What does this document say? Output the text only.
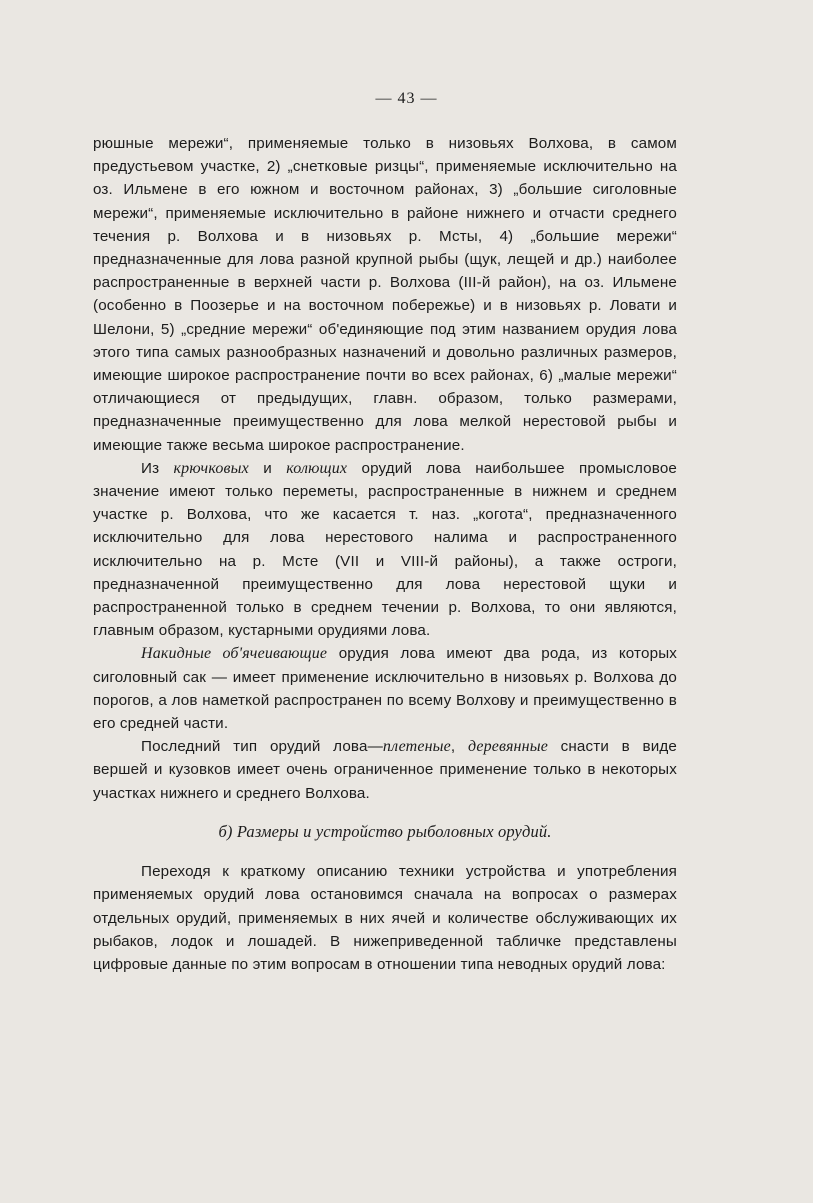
— 43 —

рюшные мережи“, применяемые только в низовьях Волхова, в самом предустьевом участке, 2) „снетковые ризцы“, применяемые исключительно на оз. Ильмене в его южном и восточном районах, 3) „большие сиголовные мережи“, применяемые исключительно в районе нижнего и отчасти среднего течения р. Волхова и в низовьях р. Мсты, 4) „большие мережи“ предназначенные для лова разной крупной рыбы (щук, лещей и др.) наиболее распространенные в верхней части р. Волхова (III-й район), на оз. Ильмене (особенно в Поозерье и на восточном побережье) и в низовьях р. Ловати и Шелони, 5) „средние мережи“ об'единяющие под этим названием орудия лова этого типа самых разнообразных назначений и довольно различных размеров, имеющие широкое распространение почти во всех районах, 6) „малые мережи“ отличающиеся от предыдущих, главн. образом, только размерами, предназначенные преимущественно для лова мелкой нерестовой рыбы и имеющие также весьма широкое распространение.

Из крючковых и колющих орудий лова наибольшее промысловое значение имеют только переметы, распространенные в нижнем и среднем участке р. Волхова, что же касается т. наз. „когота“, предназначенного исключительно для лова нерестового налима и распространенного исключительно на р. Мсте (VII и VIII-й районы), а также остроги, предназначенной преимущественно для лова нерестовой щуки и распространенной только в среднем течении р. Волхова, то они являются, главным образом, кустарными орудиями лова.

Накидные об'ячеивающие орудия лова имеют два рода, из которых сиголовный сак — имеет применение исключительно в низовьях р. Волхова до порогов, а лов наметкой распространен по всему Волхову и преимущественно в его средней части.

Последний тип орудий лова—плетеные, деревянные снасти в виде вершей и кузовков имеет очень ограниченное применение только в некоторых участках нижнего и среднего Волхова.

б) Размеры и устройство рыболовных орудий.

Переходя к краткому описанию техники устройства и употребления применяемых орудий лова остановимся сначала на вопросах о размерах отдельных орудий, применяемых в них ячей и количестве обслуживающих их рыбаков, лодок и лошадей. В нижеприведенной табличке представлены цифровые данные по этим вопросам в отношении типа неводных орудий лова:
